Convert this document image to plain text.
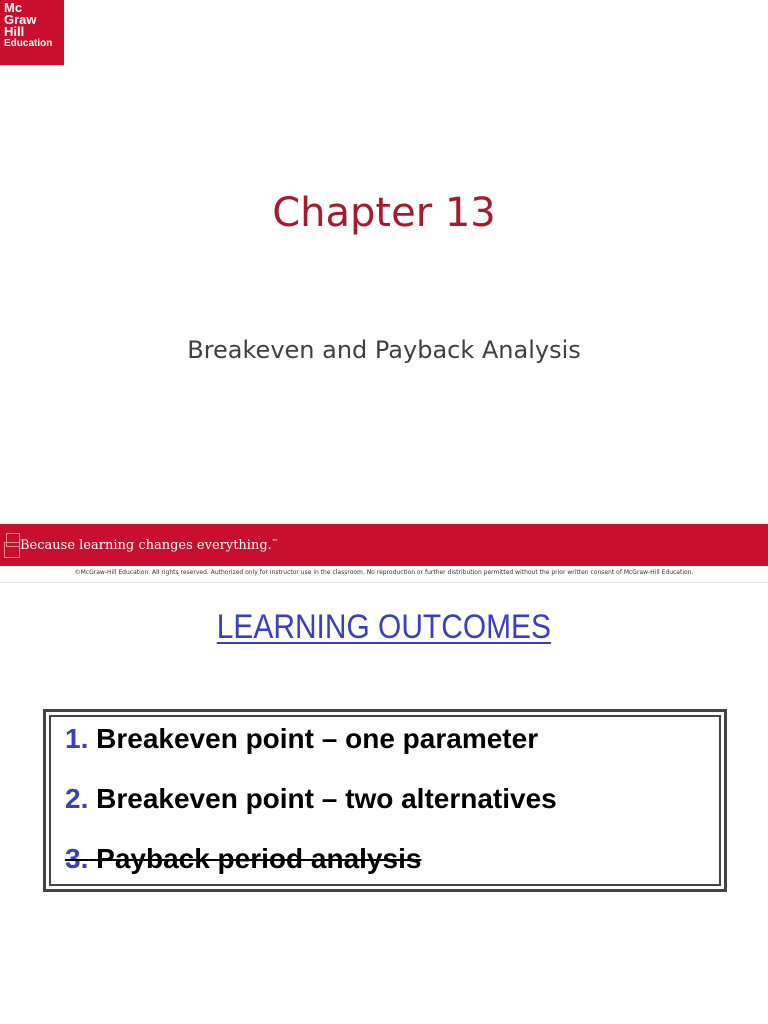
Mc
Graw
Hill
Education
Chapter 13
Breakeven and Payback Analysis
Because learning changes everything.™
©McGraw-Hill Education. All rights reserved. Authorized only for instructor use in the classroom. No reproduction or further distribution permitted without the prior written consent of McGraw-Hill Education.
LEARNING OUTCOMES
1. Breakeven point – one parameter
2. Breakeven point – two alternatives
3. Payback period analysis
